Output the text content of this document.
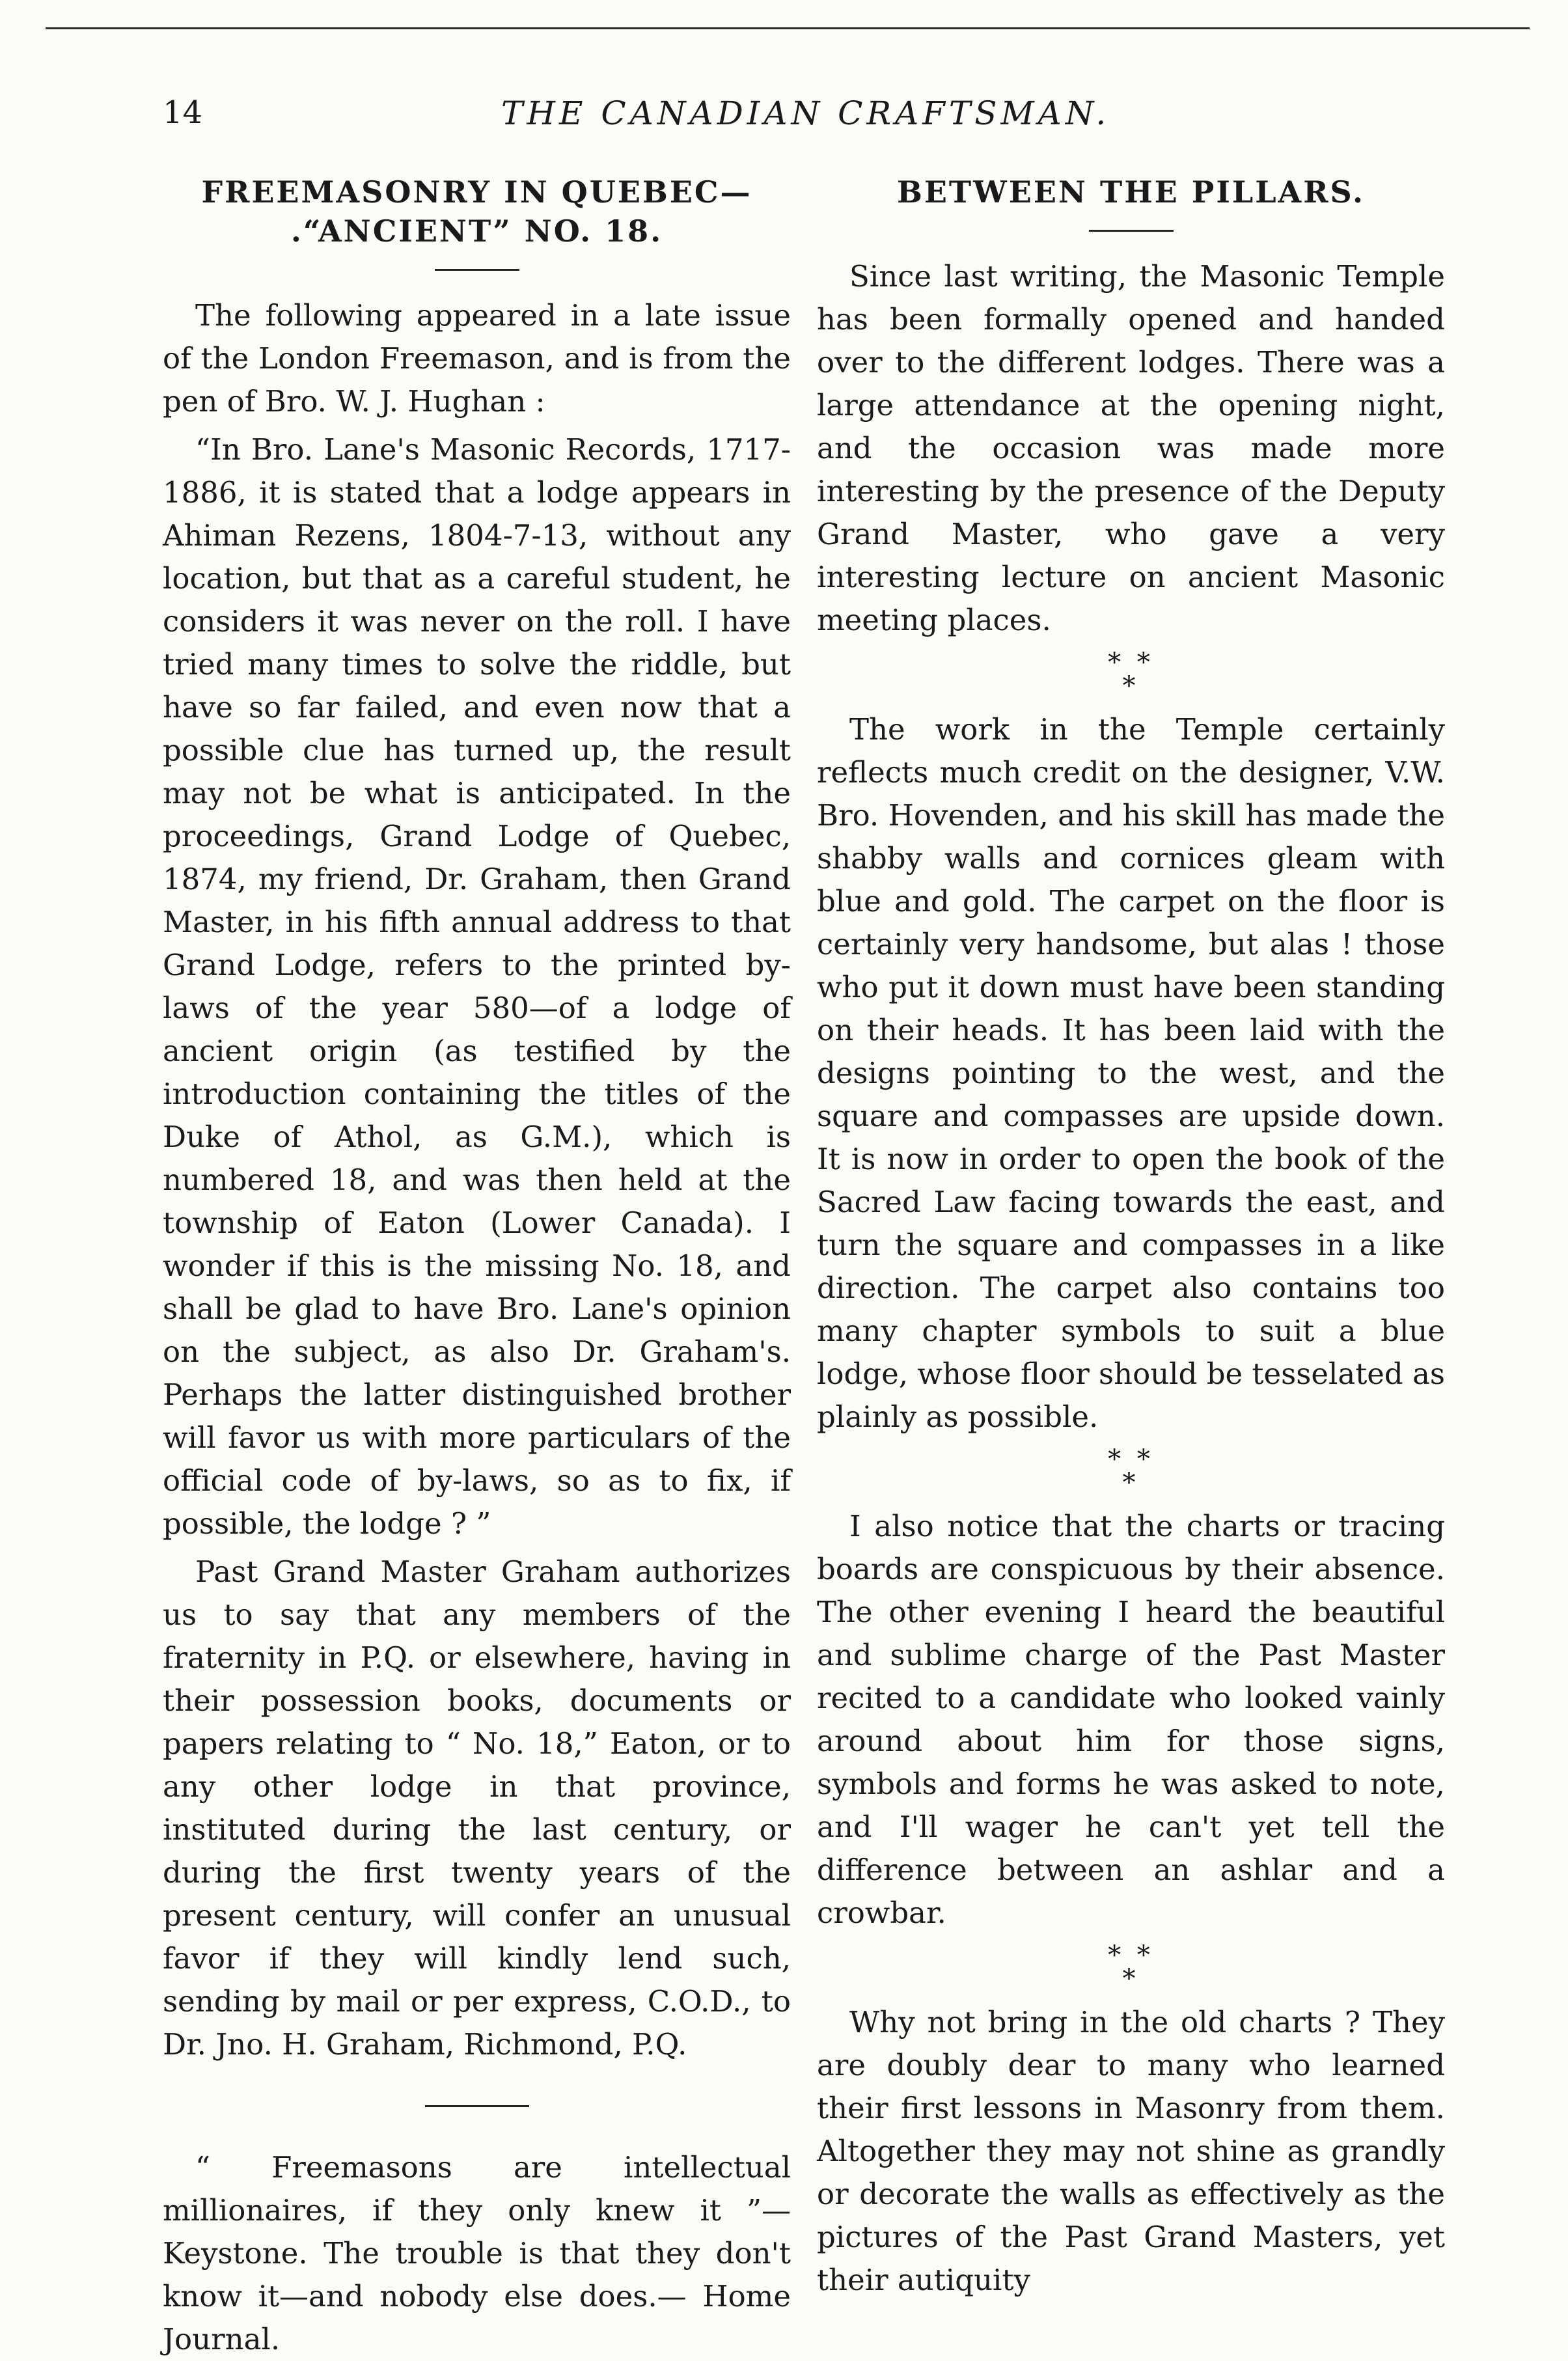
14	THE CANADIAN CRAFTSMAN.
FREEMASONRY IN QUEBEC—
.“ANCIENT” NO. 18.

The following appeared in a late issue of the London Freemason, and is from the pen of Bro. W. J. Hughan :

“In Bro. Lane's Masonic Records, 1717-1886, it is stated that a lodge appears in Ahiman Rezens, 1804-7-13, without any location, but that as a careful student, he considers it was never on the roll. I have tried many times to solve the riddle, but have so far failed, and even now that a possible clue has turned up, the result may not be what is anticipated. In the proceedings, Grand Lodge of Quebec, 1874, my friend, Dr. Graham, then Grand Master, in his fifth annual address to that Grand Lodge, refers to the printed by-laws of the year 580—of a lodge of ancient origin (as testified by the introduction containing the titles of the Duke of Athol, as G.M.), which is numbered 18, and was then held at the township of Eaton (Lower Canada). I wonder if this is the missing No. 18, and shall be glad to have Bro. Lane's opinion on the subject, as also Dr. Graham's. Perhaps the latter distinguished brother will favor us with more particulars of the official code of by-laws, so as to fix, if possible, the lodge ? ”

Past Grand Master Graham authorizes us to say that any members of the fraternity in P.Q. or elsewhere, having in their possession books, documents or papers relating to “ No. 18,” Eaton, or to any other lodge in that province, instituted during the last century, or during the first twenty years of the present century, will confer an unusual favor if they will kindly lend such, sending by mail or per express, C.O.D., to Dr. Jno. H. Graham, Richmond, P.Q.

“ Freemasons are intellectual millionaires, if they only knew it ”—Keystone. The trouble is that they don't know it—and nobody else does.— Home Journal.

BETWEEN THE PILLARS.

Since last writing, the Masonic Temple has been formally opened and handed over to the different lodges. There was a large attendance at the opening night, and the occasion was made more interesting by the presence of the Deputy Grand Master, who gave a very interesting lecture on ancient Masonic meeting places.

* *
*

The work in the Temple certainly reflects much credit on the designer, V.W. Bro. Hovenden, and his skill has made the shabby walls and cornices gleam with blue and gold. The carpet on the floor is certainly very handsome, but alas ! those who put it down must have been standing on their heads. It has been laid with the designs pointing to the west, and the square and compasses are upside down. It is now in order to open the book of the Sacred Law facing towards the east, and turn the square and compasses in a like direction. The carpet also contains too many chapter symbols to suit a blue lodge, whose floor should be tesselated as plainly as possible.

* *
*

I also notice that the charts or tracing boards are conspicuous by their absence. The other evening I heard the beautiful and sublime charge of the Past Master recited to a candidate who looked vainly around about him for those signs, symbols and forms he was asked to note, and I'll wager he can't yet tell the difference between an ashlar and a crowbar.

* *
*

Why not bring in the old charts ? They are doubly dear to many who learned their first lessons in Masonry from them. Altogether they may not shine as grandly or decorate the walls as effectively as the pictures of the Past Grand Masters, yet their autiquity
